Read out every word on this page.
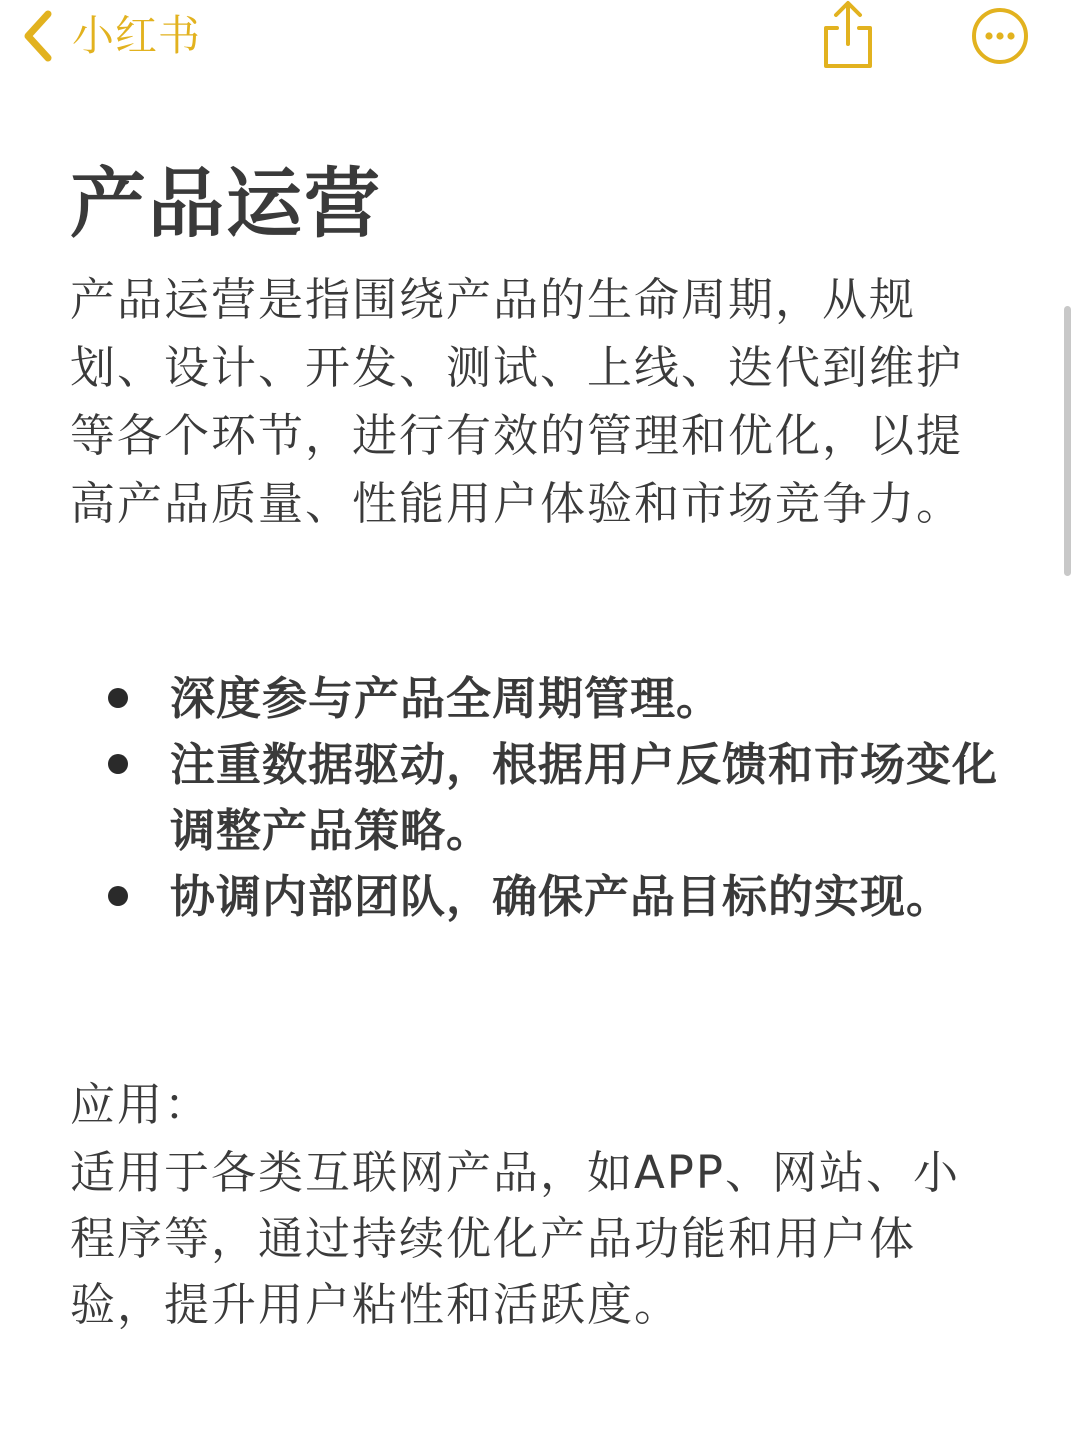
小红书
产品运营

产品运营是指围绕产品的生命周期，从规划、设计、开发、测试、上线、迭代到维护等各个环节，进行有效的管理和优化，以提高产品质量、性能用户体验和市场竞争力。

深度参与产品全周期管理。
注重数据驱动，根据用户反馈和市场变化调整产品策略。
协调内部团队，确保产品目标的实现。

应用：

适用于各类互联网产品，如APP、网站、小程序等，通过持续优化产品功能和用户体验，提升用户粘性和活跃度。
